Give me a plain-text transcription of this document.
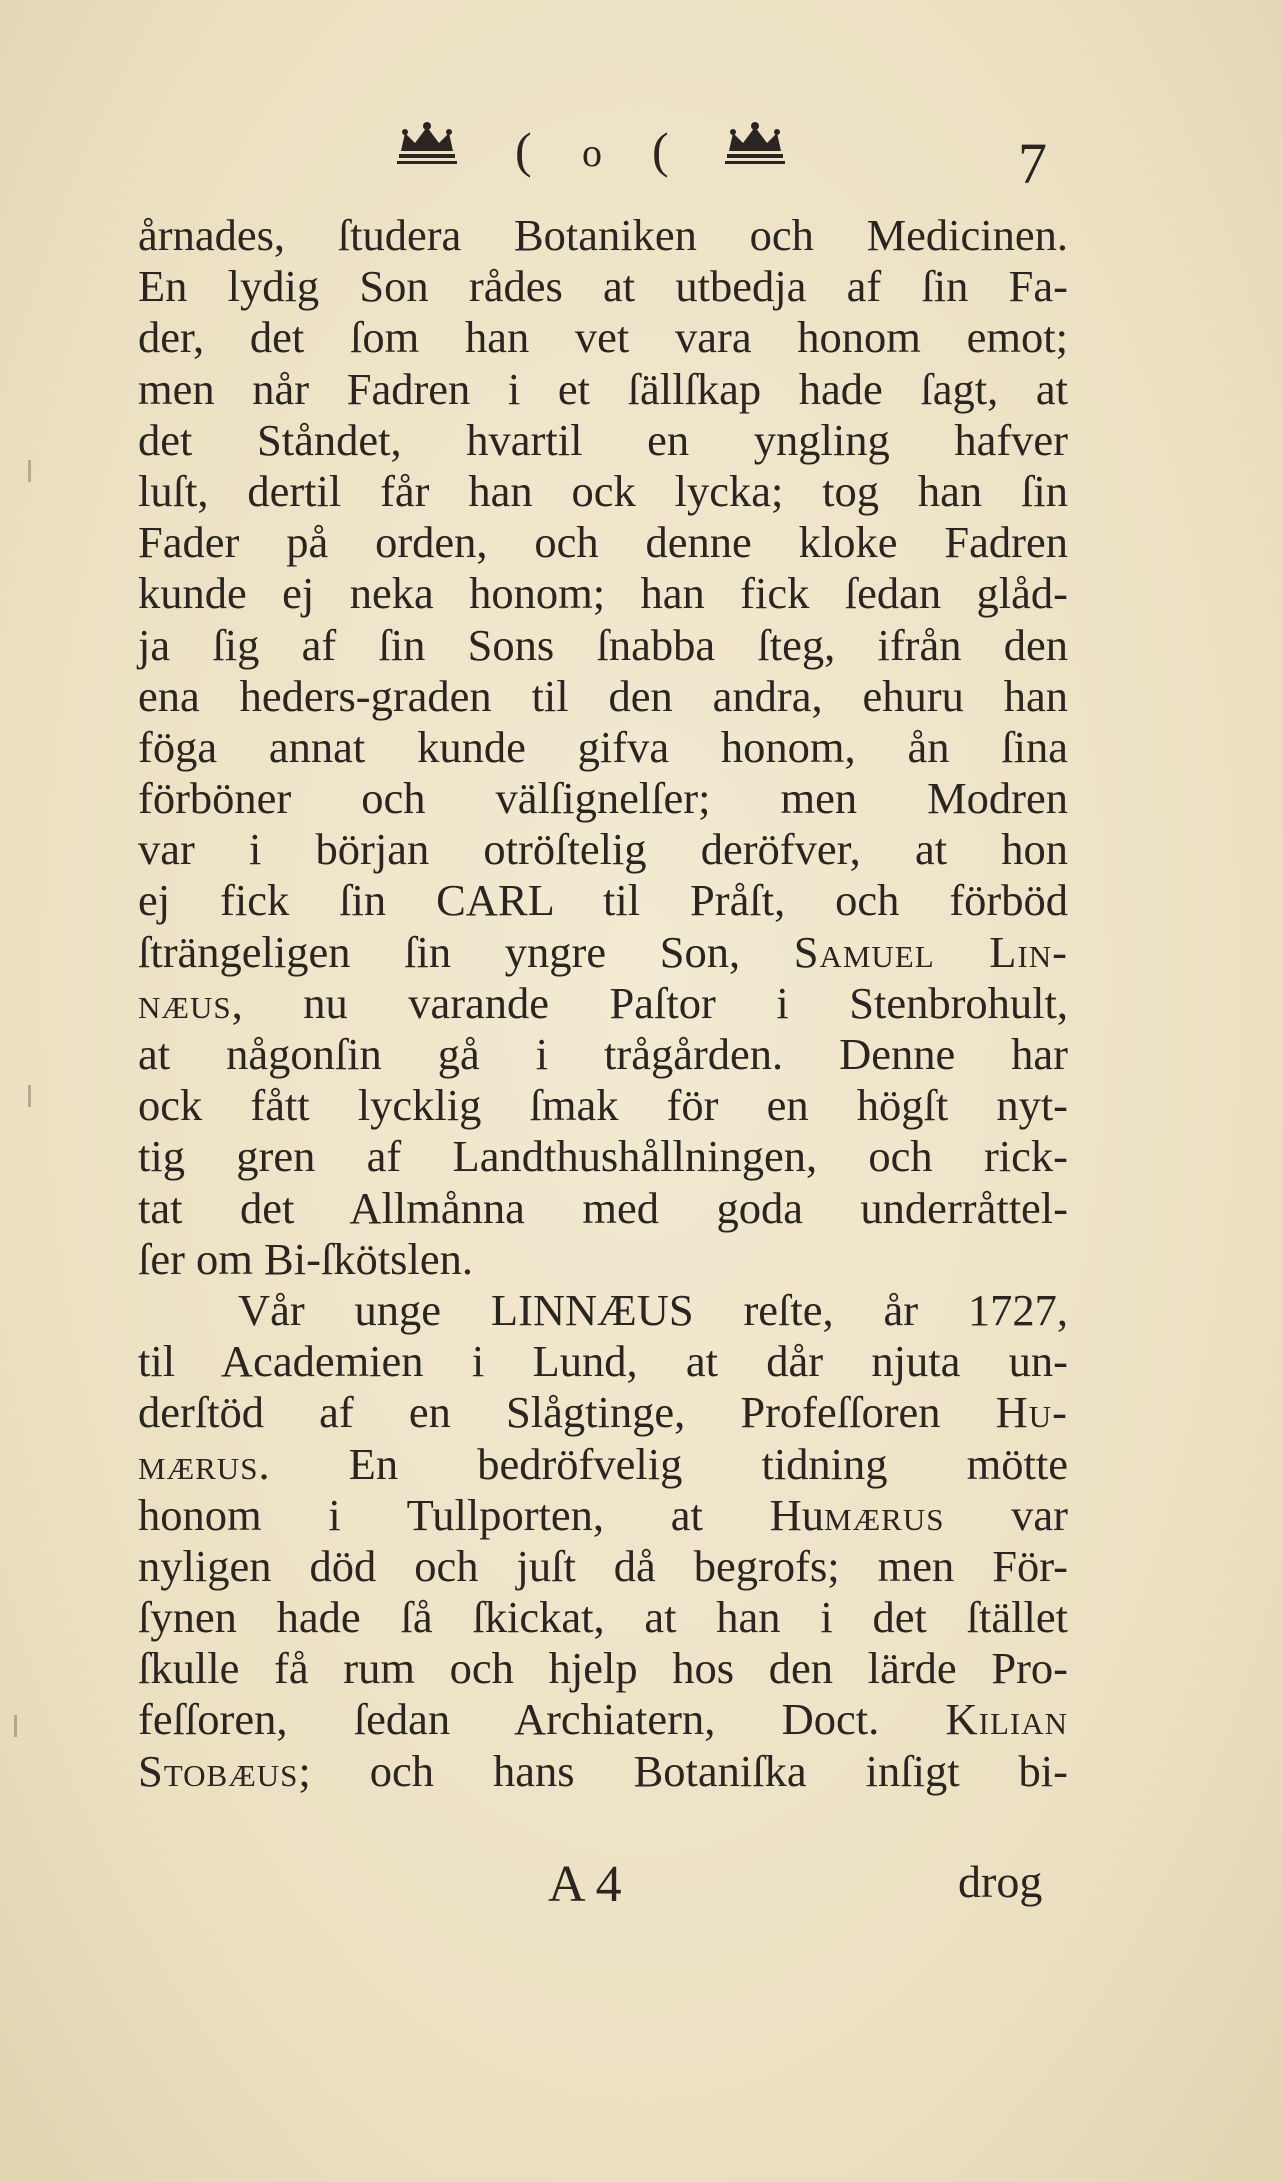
( o (	7
årnades, ſtudera Botaniken och Medicinen.
En lydig Son rådes at utbedja af ſin Fa-
der, det ſom han vet vara honom emot;
men når Fadren i et ſällſkap hade ſagt, at
det Ståndet, hvartil en yngling hafver
luſt, dertil får han ock lycka; tog han ſin
Fader på orden, och denne kloke Fadren
kunde ej neka honom; han fick ſedan glåd-
ja ſig af ſin Sons ſnabba ſteg, ifrån den
ena heders-graden til den andra, ehuru han
föga annat kunde gifva honom, ån ſina
förböner och välſignelſer; men Modren
var i början otröſtelig deröfver, at hon
ej fick ſin CARL til Pråſt, och förböd
ſträngeligen ſin yngre Son, Samuel Lin-
næus, nu varande Paſtor i Stenbrohult,
at någonſin gå i trågården. Denne har
ock fått lycklig ſmak för en högſt nyt-
tig gren af Landthushållningen, och rick-
tat det Allmånna med goda underråttel-
ſer om Bi-ſkötslen.
Vår unge LINNÆUS reſte, år 1727,
til Academien i Lund, at dår njuta un-
derſtöd af en Slågtinge, Profeſſoren Hu-
mærus. En bedröfvelig tidning mötte
honom i Tullporten, at Humærus var
nyligen död och juſt då begrofs; men För-
ſynen hade ſå ſkickat, at han i det ſtället
ſkulle få rum och hjelp hos den lärde Pro-
feſſoren, ſedan Archiatern, Doct. Kilian
Stobæus; och hans Botaniſka inſigt bi-
A 4	drog
